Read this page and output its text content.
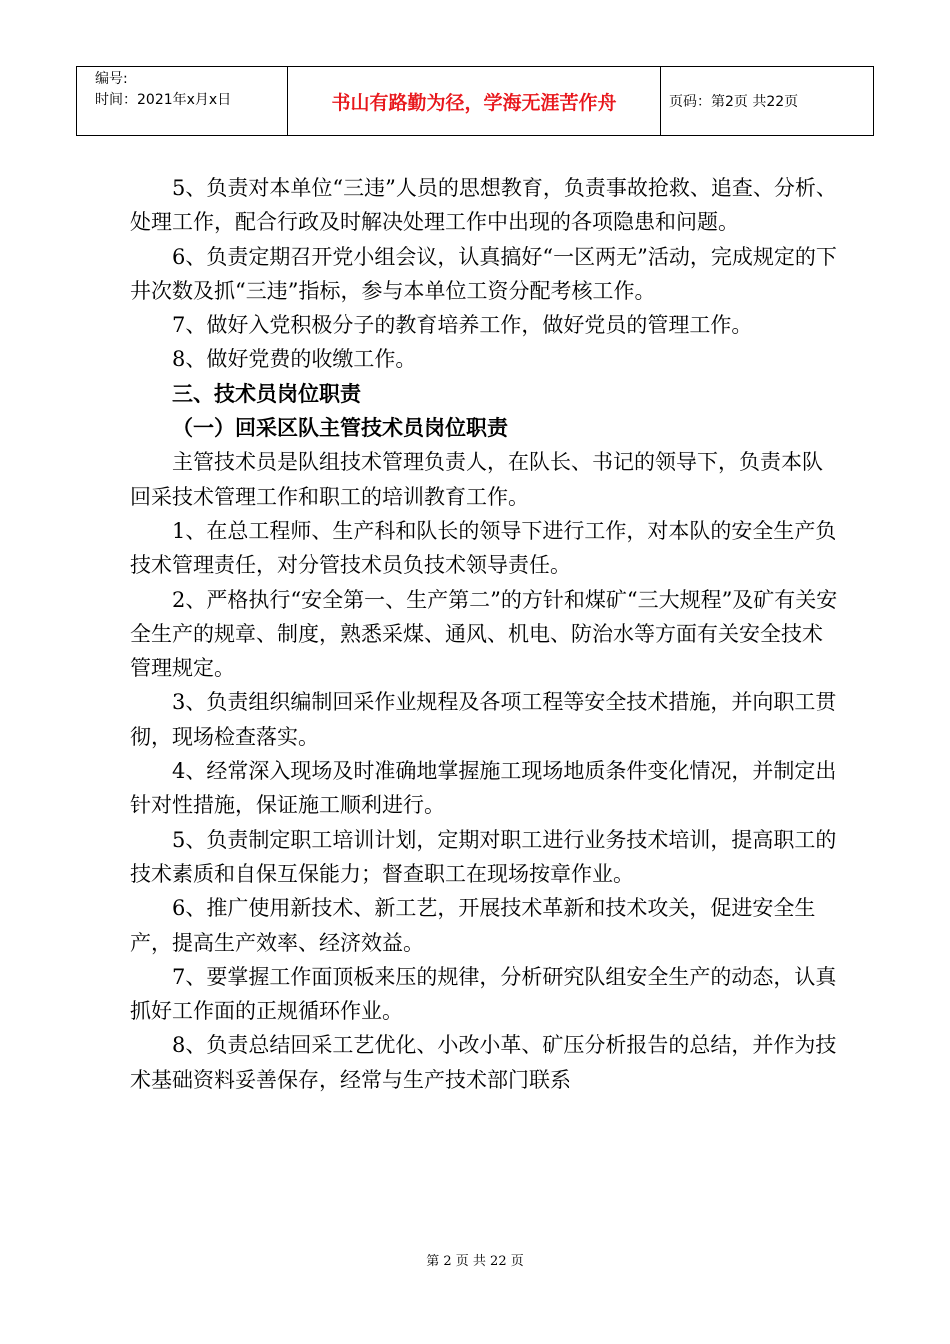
编号:
时间：2021年x月x日	书山有路勤为径，学海无涯苦作舟	页码：第2页 共22页

5、负责对本单位“三违”人员的思想教育，负责事故抢救、追查、分析、处理工作，配合行政及时解决处理工作中出现的各项隐患和问题。

6、负责定期召开党小组会议，认真搞好“一区两无”活动，完成规定的下井次数及抓“三违”指标，参与本单位工资分配考核工作。

7、做好入党积极分子的教育培养工作，做好党员的管理工作。

8、做好党费的收缴工作。

三、技术员岗位职责

（一）回采区队主管技术员岗位职责

主管技术员是队组技术管理负责人，在队长、书记的领导下，负责本队回采技术管理工作和职工的培训教育工作。

1、在总工程师、生产科和队长的领导下进行工作，对本队的安全生产负技术管理责任，对分管技术员负技术领导责任。

2、严格执行“安全第一、生产第二”的方针和煤矿“三大规程”及矿有关安全生产的规章、制度，熟悉采煤、通风、机电、防治水等方面有关安全技术管理规定。

3、负责组织编制回采作业规程及各项工程等安全技术措施，并向职工贯彻，现场检查落实。

4、经常深入现场及时准确地掌握施工现场地质条件变化情况，并制定出针对性措施，保证施工顺利进行。

5、负责制定职工培训计划，定期对职工进行业务技术培训，提高职工的技术素质和自保互保能力；督查职工在现场按章作业。

6、推广使用新技术、新工艺，开展技术革新和技术攻关，促进安全生产，提高生产效率、经济效益。

7、要掌握工作面顶板来压的规律，分析研究队组安全生产的动态，认真抓好工作面的正规循环作业。

8、负责总结回采工艺优化、小改小革、矿压分析报告的总结，并作为技术基础资料妥善保存，经常与生产技术部门联系

第 2 页 共 22 页
